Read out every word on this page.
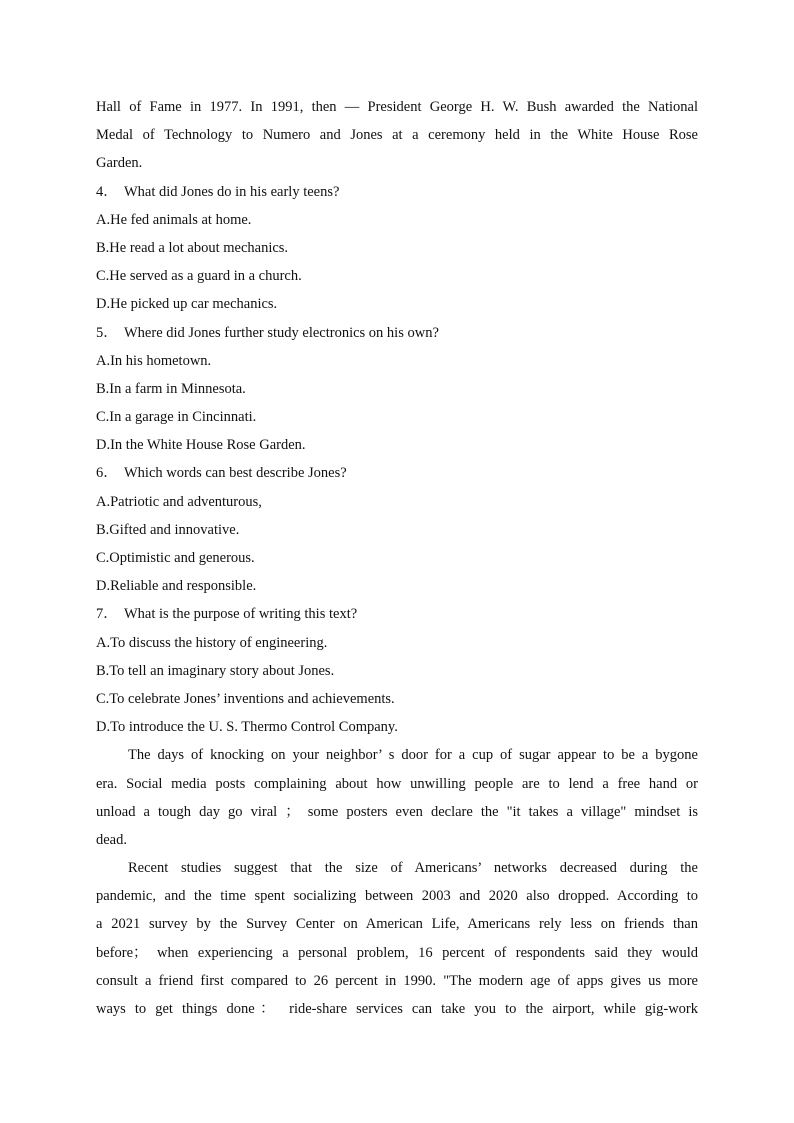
Hall of Fame in 1977. In 1991, then — President George H. W. Bush awarded the National
Medal of Technology to Numero and Jones at a ceremony held in the White House Rose
Garden.
4． What did Jones do in his early teens?
A.He fed animals at home.
B.He read a lot about mechanics.
C.He served as a guard in a church.
D.He picked up car mechanics.
5． Where did Jones further study electronics on his own?
A.In his hometown.
B.In a farm in Minnesota.
C.In a garage in Cincinnati.
D.In the White House Rose Garden.
6． Which words can best describe Jones?
A.Patriotic and adventurous,
B.Gifted and innovative.
C.Optimistic and generous.
D.Reliable and responsible.
7． What is the purpose of writing this text?
A.To discuss the history of engineering.
B.To tell an imaginary story about Jones.
C.To celebrate Jones’ inventions and achievements.
D.To introduce the U. S. Thermo Control Company.
The days of knocking on your neighbor’ s door for a cup of sugar appear to be a bygone
era. Social media posts complaining about how unwilling people are to lend a free hand or
unload a tough day go viral ； some posters even declare the "it takes a village" mindset is
dead.
Recent studies suggest that the size of Americans’ networks decreased during the
pandemic, and the time spent socializing between 2003 and 2020 also dropped. According to
a 2021 survey by the Survey Center on American Life, Americans rely less on friends than
before； when experiencing a personal problem, 16 percent of respondents said they would
consult a friend first compared to 26 percent in 1990. "The modern age of apps gives us more
ways to get things done： ride-share services can take you to the airport, while gig-work
